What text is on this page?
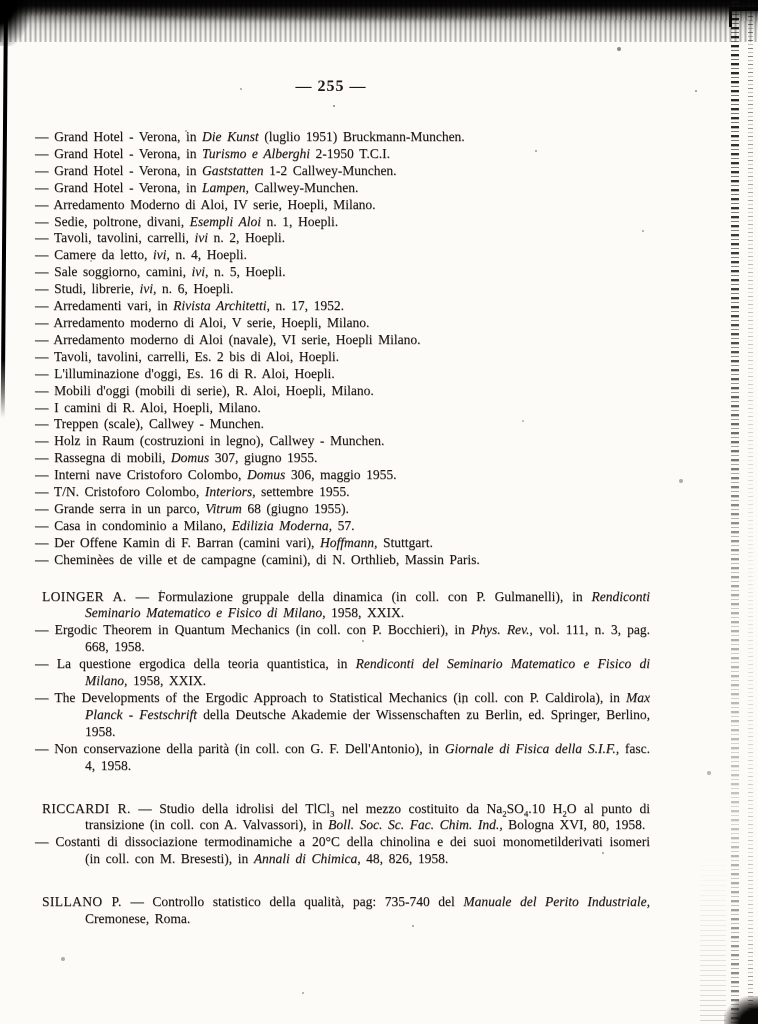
— 255 —

— Grand Hotel - Verona, in Die Kunst (luglio 1951) Bruckmann-Munchen.

— Grand Hotel - Verona, in Turismo e Alberghi 2-1950 T.C.I.

— Grand Hotel - Verona, in Gaststatten 1-2 Callwey-Munchen.

— Grand Hotel - Verona, in Lampen, Callwey-Munchen.

— Arredamento Moderno di Aloi, IV serie, Hoepli, Milano.

— Sedie, poltrone, divani, Esempli Aloi n. 1, Hoepli.

— Tavoli, tavolini, carrelli, ivi n. 2, Hoepli.

— Camere da letto, ivi, n. 4, Hoepli.

— Sale soggiorno, camini, ivi, n. 5, Hoepli.

— Studi, librerie, ivi, n. 6, Hoepli.

— Arredamenti vari, in Rivista Architetti, n. 17, 1952.

— Arredamento moderno di Aloi, V serie, Hoepli, Milano.

— Arredamento moderno di Aloi (navale), VI serie, Hoepli Milano.

— Tavoli, tavolini, carrelli, Es. 2 bis di Aloi, Hoepli.

— L'illuminazione d'oggi, Es. 16 di R. Aloi, Hoepli.

— Mobili d'oggi (mobili di serie), R. Aloi, Hoepli, Milano.

— I camini di R. Aloi, Hoepli, Milano.

— Treppen (scale), Callwey - Munchen.

— Holz in Raum (costruzioni in legno), Callwey - Munchen.

— Rassegna di mobili, Domus 307, giugno 1955.

— Interni nave Cristoforo Colombo, Domus 306, maggio 1955.

— T/N. Cristoforo Colombo, Interiors, settembre 1955.

— Grande serra in un parco, Vitrum 68 (giugno 1955).

— Casa in condominio a Milano, Edilizia Moderna, 57.

— Der Offene Kamin di F. Barran (camini vari), Hoffmann, Stuttgart.

— Cheminèes de ville et de campagne (camini), di N. Orthlieb, Massin Paris.

LOINGER A. — Formulazione gruppale della dinamica (in coll. con P. Gulmanelli), in Rendiconti Seminario Matematico e Fisico di Milano, 1958, XXIX.

— Ergodic Theorem in Quantum Mechanics (in coll. con P. Bocchieri), in Phys. Rev., vol. 111, n. 3, pag. 668, 1958.

— La questione ergodica della teoria quantistica, in Rendiconti del Seminario Matematico e Fisico di Milano, 1958, XXIX.

— The Developments of the Ergodic Approach to Statistical Mechanics (in coll. con P. Caldirola), in Max Planck - Festschrift della Deutsche Akademie der Wissenschaften zu Berlin, ed. Springer, Berlino, 1958.

— Non conservazione della parità (in coll. con G. F. Dell'Antonio), in Giornale di Fisica della S.I.F., fasc. 4, 1958.

RICCARDI R. — Studio della idrolisi del TlCl$_3$ nel mezzo costituito da $Na_2SO_4.10$ $H_2O$ al punto di transizione (in coll. con A. Valvassori), in Boll. Soc. Sc. Fac. Chim. Ind., Bologna XVI, 80, 1958.

— Costanti di dissociazione termodinamiche a 20°C della chinolina e dei suoi monometilderivati isomeri (in coll. con M. Bresesti), in Annali di Chimica, 48, 826, 1958.

SILLANO P. — Controllo statistico della qualità, pag: 735-740 del Manuale del Perito Industriale, Cremonese, Roma.
